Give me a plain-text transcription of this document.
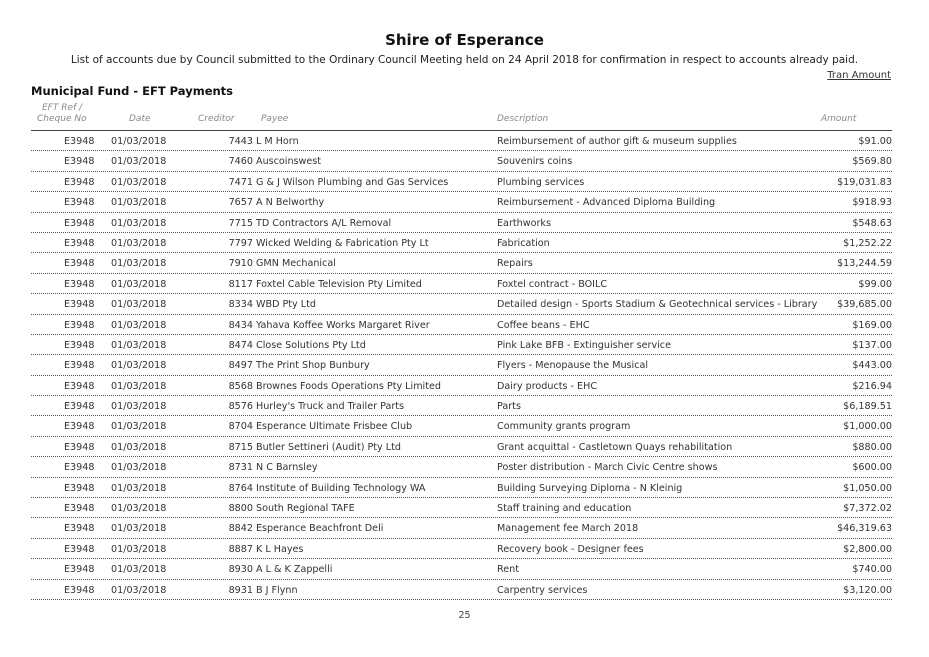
Shire of Esperance
List of accounts due by Council submitted to the Ordinary Council Meeting held on 24 April 2018 for confirmation in respect to accounts already paid.
Tran Amount
Municipal Fund - EFT Payments
EFT Ref /
Cheque No	Date	Creditor	Payee	Description	Amount
E3948 01/03/2018	7443 L M Horn	Reimbursement of author gift & museum supplies	$91.00
E3948 01/03/2018	7460 Auscoinswest	Souvenirs coins	$569.80
E3948 01/03/2018	7471 G & J Wilson Plumbing and Gas Services	Plumbing services	$19,031.83
E3948 01/03/2018	7657 A N Belworthy	Reimbursement - Advanced Diploma Building	$918.93
E3948 01/03/2018	7715 TD Contractors A/L Removal	Earthworks	$548.63
E3948 01/03/2018	7797 Wicked Welding & Fabrication Pty Lt	Fabrication	$1,252.22
E3948 01/03/2018	7910 GMN Mechanical	Repairs	$13,244.59
E3948 01/03/2018	8117 Foxtel Cable Television Pty Limited	Foxtel contract - BOILC	$99.00
E3948 01/03/2018	8334 WBD Pty Ltd	Detailed design - Sports Stadium & Geotechnical services - Library $39,685.00
E3948 01/03/2018	8434 Yahava Koffee Works Margaret River	Coffee beans - EHC	$169.00
E3948 01/03/2018	8474 Close Solutions Pty Ltd	Pink Lake BFB - Extinguisher service	$137.00
E3948 01/03/2018	8497 The Print Shop Bunbury	Flyers - Menopause the Musical	$443.00
E3948 01/03/2018	8568 Brownes Foods Operations Pty Limited	Dairy products - EHC	$216.94
E3948 01/03/2018	8576 Hurley's Truck and Trailer Parts	Parts	$6,189.51
E3948 01/03/2018	8704 Esperance Ultimate Frisbee Club	Community grants program	$1,000.00
E3948 01/03/2018	8715 Butler Settineri (Audit) Pty Ltd	Grant acquittal - Castletown Quays rehabilitation	$880.00
E3948 01/03/2018	8731 N C Barnsley	Poster distribution - March Civic Centre shows	$600.00
E3948 01/03/2018	8764 Institute of Building Technology WA	Building Surveying Diploma - N Kleinig	$1,050.00
E3948 01/03/2018	8800 South Regional TAFE	Staff training and education	$7,372.02
E3948 01/03/2018	8842 Esperance Beachfront Deli	Management fee March 2018	$46,319.63
E3948 01/03/2018	8887 K L Hayes	Recovery book - Designer fees	$2,800.00
E3948 01/03/2018	8930 A L & K Zappelli	Rent	$740.00
E3948 01/03/2018	8931 B J Flynn	Carpentry services	$3,120.00
25
